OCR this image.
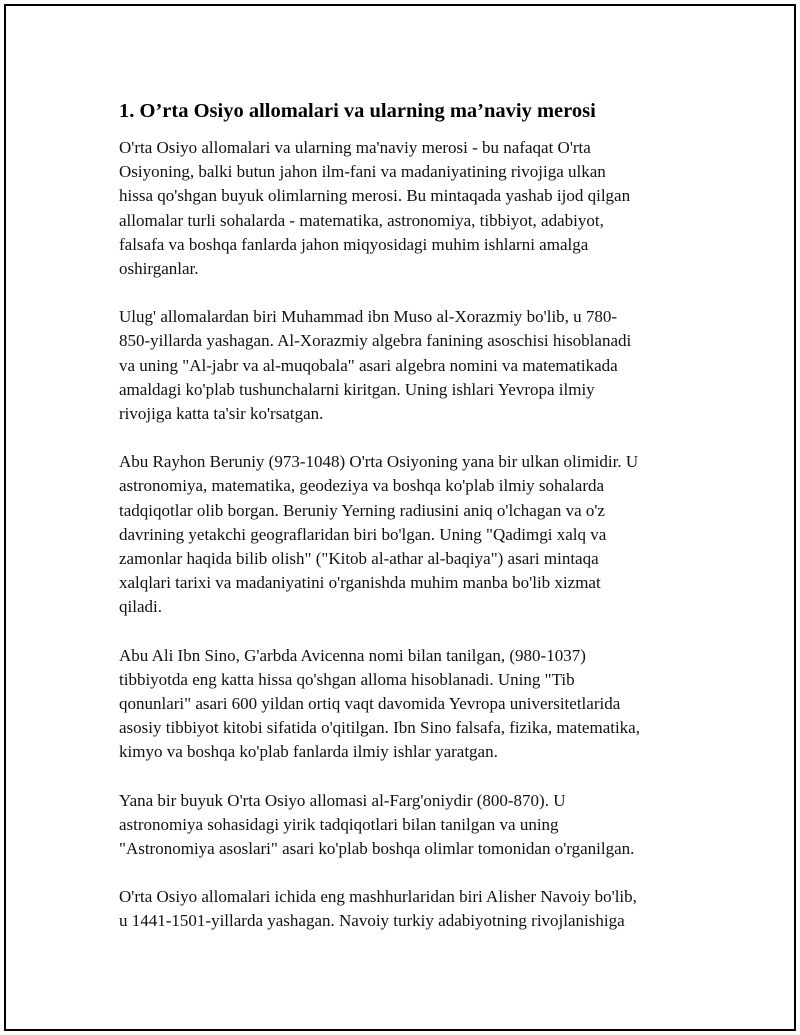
1. O’rta Osiyo allomalari va ularning ma’naviy merosi

O'rta Osiyo allomalari va ularning ma'naviy merosi - bu nafaqat O'rta
Osiyoning, balki butun jahon ilm-fani va madaniyatining rivojiga ulkan
hissa qo'shgan buyuk olimlarning merosi. Bu mintaqada yashab ijod qilgan
allomalar turli sohalarda - matematika, astronomiya, tibbiyot, adabiyot,
falsafa va boshqa fanlarda jahon miqyosidagi muhim ishlarni amalga
oshirganlar.

Ulug' allomalardan biri Muhammad ibn Muso al-Xorazmiy bo'lib, u 780-
850-yillarda yashagan. Al-Xorazmiy algebra fanining asoschisi hisoblanadi
va uning "Al-jabr va al-muqobala" asari algebra nomini va matematikada
amaldagi ko'plab tushunchalarni kiritgan. Uning ishlari Yevropa ilmiy
rivojiga katta ta'sir ko'rsatgan.

Abu Rayhon Beruniy (973-1048) O'rta Osiyoning yana bir ulkan olimidir. U
astronomiya, matematika, geodeziya va boshqa ko'plab ilmiy sohalarda
tadqiqotlar olib borgan. Beruniy Yerning radiusini aniq o'lchagan va o'z
davrining yetakchi geograflaridan biri bo'lgan. Uning "Qadimgi xalq va
zamonlar haqida bilib olish" ("Kitob al-athar al-baqiya") asari mintaqa
xalqlari tarixi va madaniyatini o'rganishda muhim manba bo'lib xizmat
qiladi.

Abu Ali Ibn Sino, G'arbda Avicenna nomi bilan tanilgan, (980-1037)
tibbiyotda eng katta hissa qo'shgan alloma hisoblanadi. Uning "Tib
qonunlari" asari 600 yildan ortiq vaqt davomida Yevropa universitetlarida
asosiy tibbiyot kitobi sifatida o'qitilgan. Ibn Sino falsafa, fizika, matematika,
kimyo va boshqa ko'plab fanlarda ilmiy ishlar yaratgan.

Yana bir buyuk O'rta Osiyo allomasi al-Farg'oniydir (800-870). U
astronomiya sohasidagi yirik tadqiqotlari bilan tanilgan va uning
"Astronomiya asoslari" asari ko'plab boshqa olimlar tomonidan o'rganilgan.

O'rta Osiyo allomalari ichida eng mashhurlaridan biri Alisher Navoiy bo'lib,
u 1441-1501-yillarda yashagan. Navoiy turkiy adabiyotning rivojlanishiga
